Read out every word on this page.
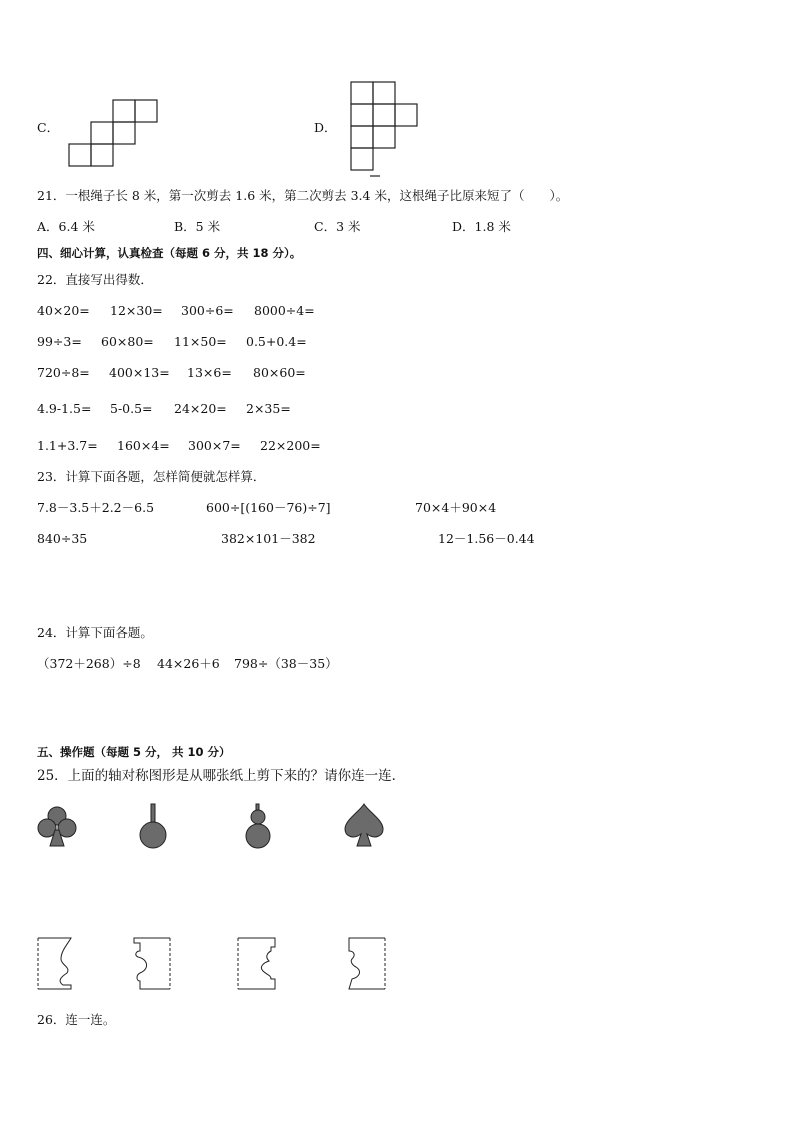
C．	D．
21．一根绳子长 8 米，第一次剪去 1.6 米，第二次剪去 3.4 米，这根绳子比原来短了（　　）。
A．6.4 米	B．5 米	C．3 米	D．1.8 米
四、细心计算，认真检查（每题 6 分，共 18 分）。
22．直接写出得数．
40×20= 12×30= 300÷6= 8000÷4=
99÷3= 60×80= 11×50= 0.5+0.4=
720÷8= 400×13= 13×6= 80×60=
4.9-1.5= 5-0.5= 24×20= 2×35=
1.1+3.7= 160×4= 300×7= 22×200=
23．计算下面各题，怎样简便就怎样算．
7.8－3.5＋2.2－6.5	600÷[(160－76)÷7]	70×4＋90×4
840÷35	382×101－382	12－1.56－0.44
24．计算下面各题。
（372＋268）÷8 44×26＋6 798÷（38－35）
五、操作题（每题 5 分， 共 10 分）
25．上面的轴对称图形是从哪张纸上剪下来的？请你连一连．
26．连一连。
